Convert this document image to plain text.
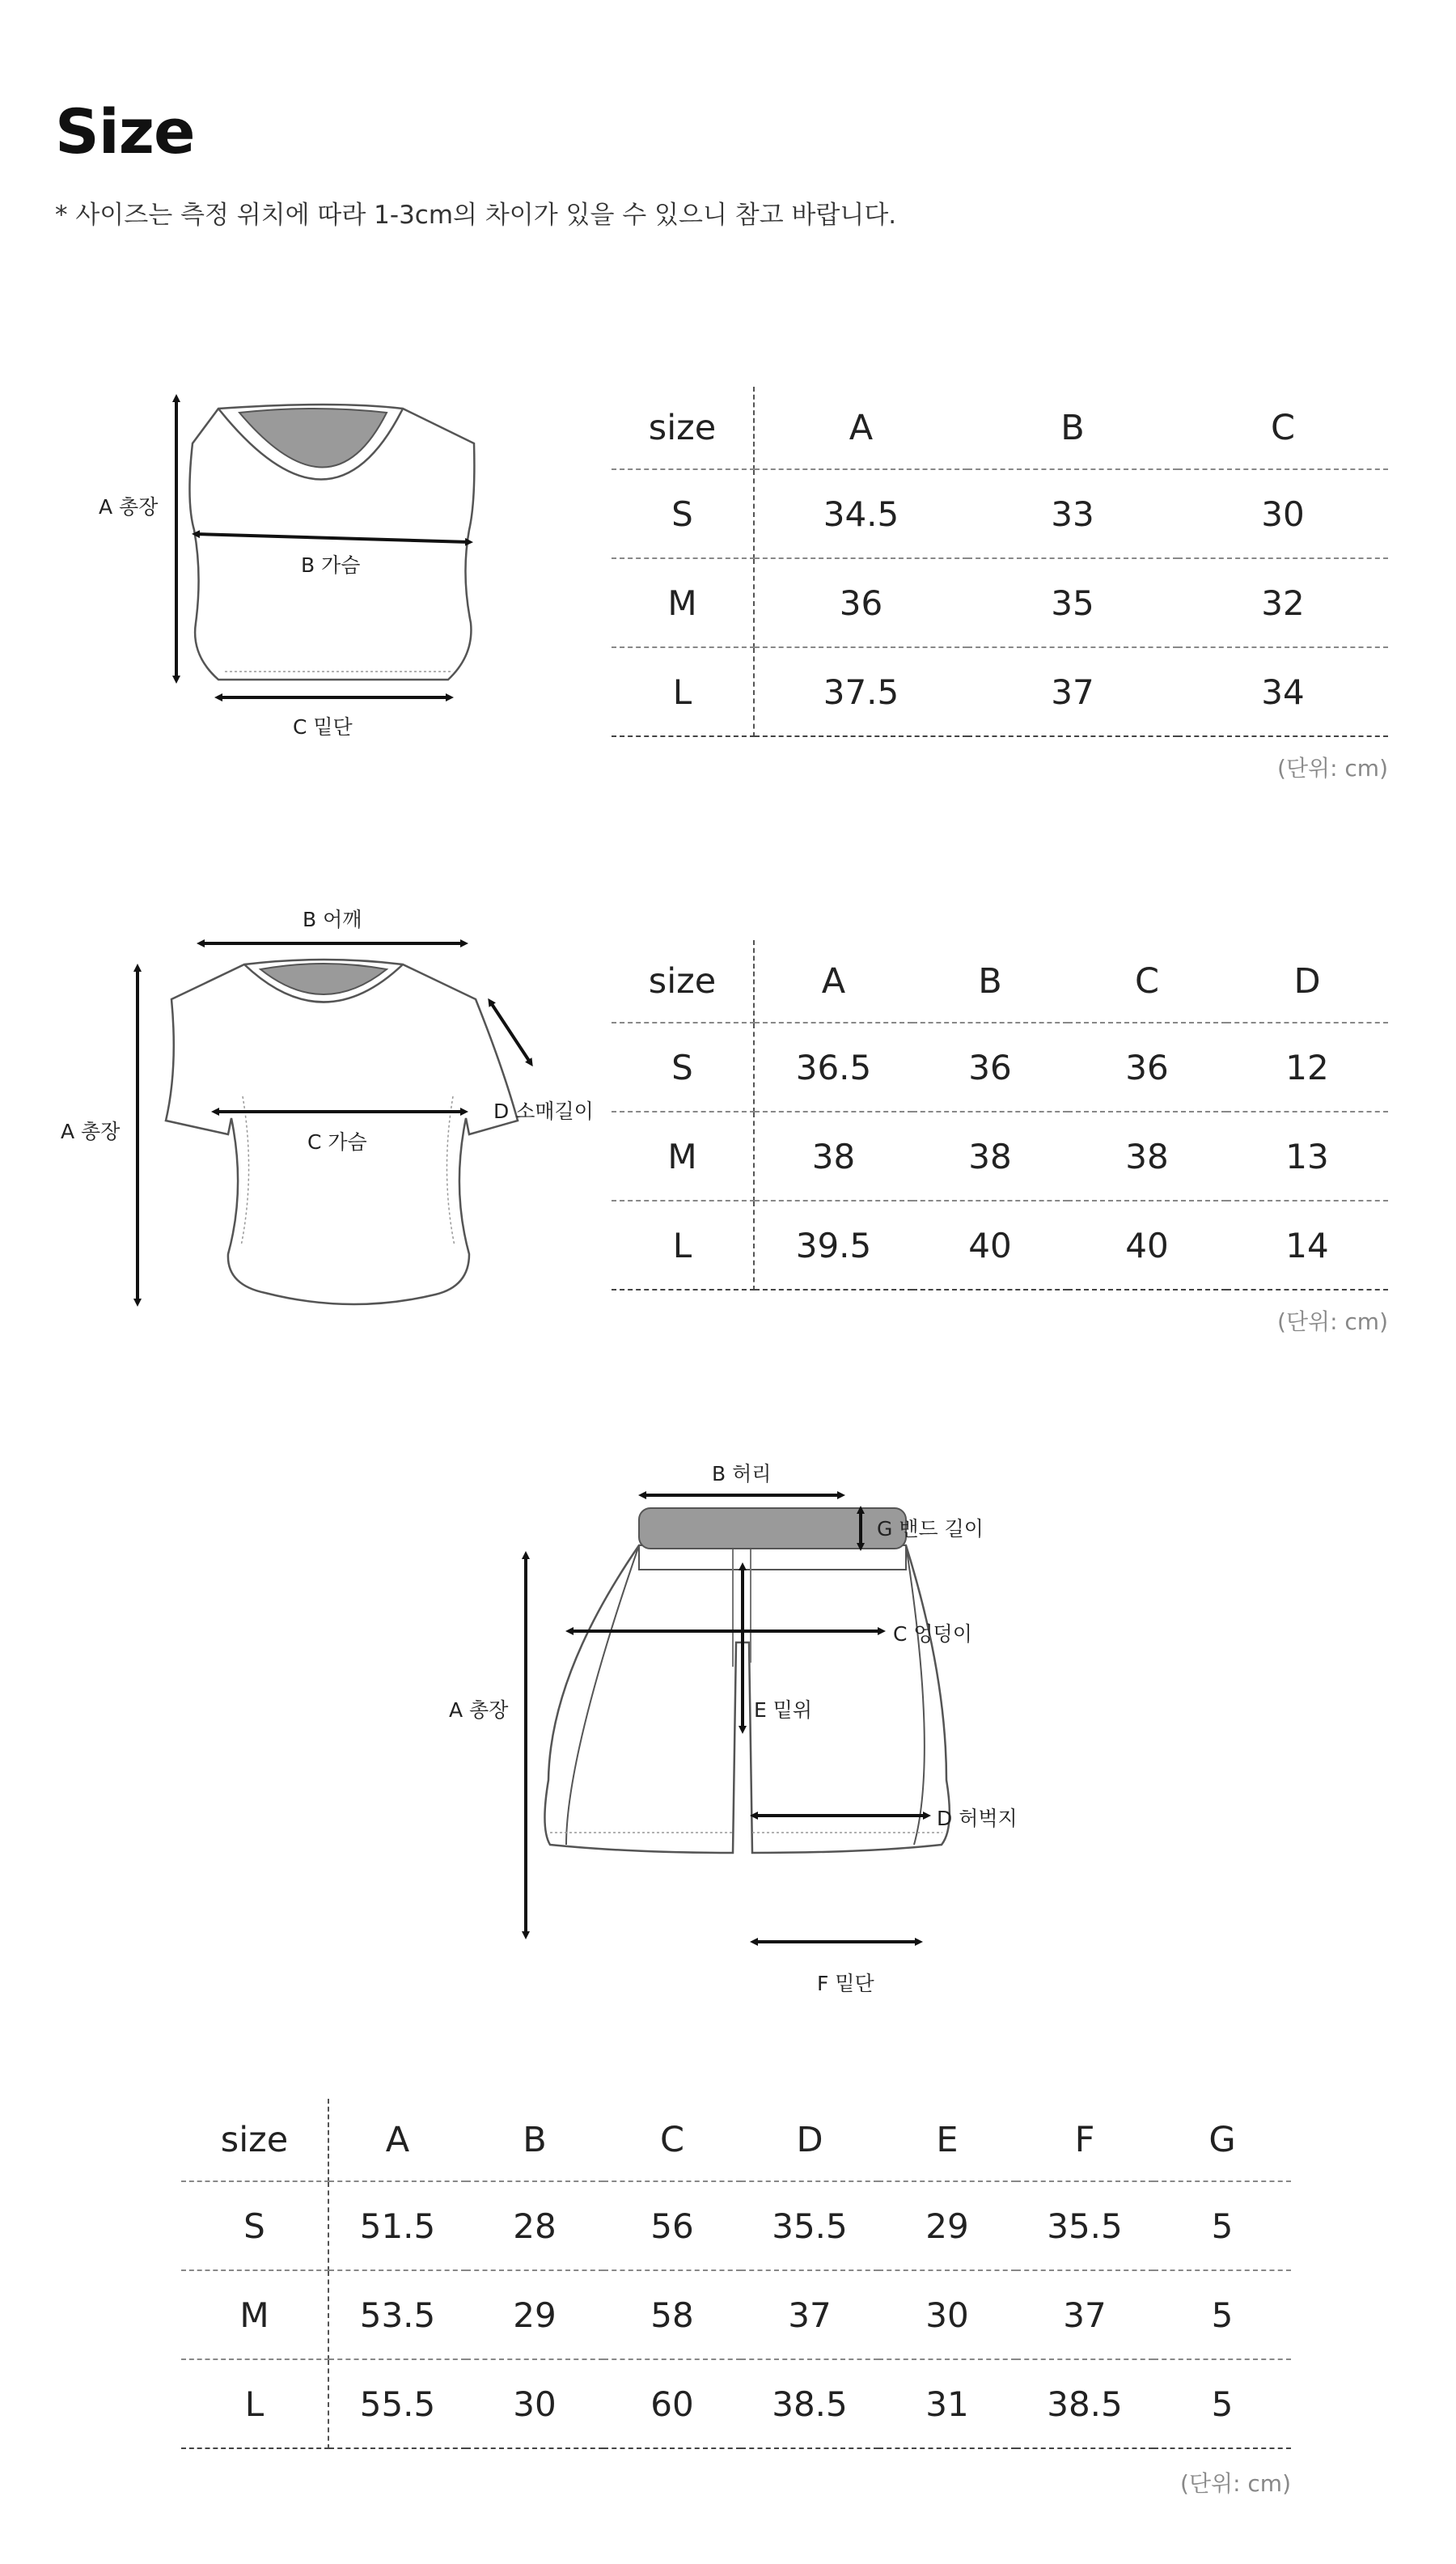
Size
* 사이즈는 측정 위치에 따라 1-3cm의 차이가 있을 수 있으니 참고 바랍니다.
A 총장
B 가슴
C 밑단
size	A	B	C
S	34.5	33	30
M	36	35	32
L	37.5	37	34
(단위: cm)
B 어깨
A 총장	C 가슴
D 소매길이
size	A	B	C	D
S	36.5	36	36	12
M	38	38	38	13
L	39.5	40	40	14
(단위: cm)
B 허리
G 밴드 길이
A 총장
C 엉덩이
E 밑위
D 허벅지
F 밑단
size	A	B	C	D	E	F	G
S	51.5	28	56	35.5	29	35.5	5
M	53.5	29	58	37	30	37	5
L	55.5	30	60	38.5	31	38.5	5
(단위: cm)
